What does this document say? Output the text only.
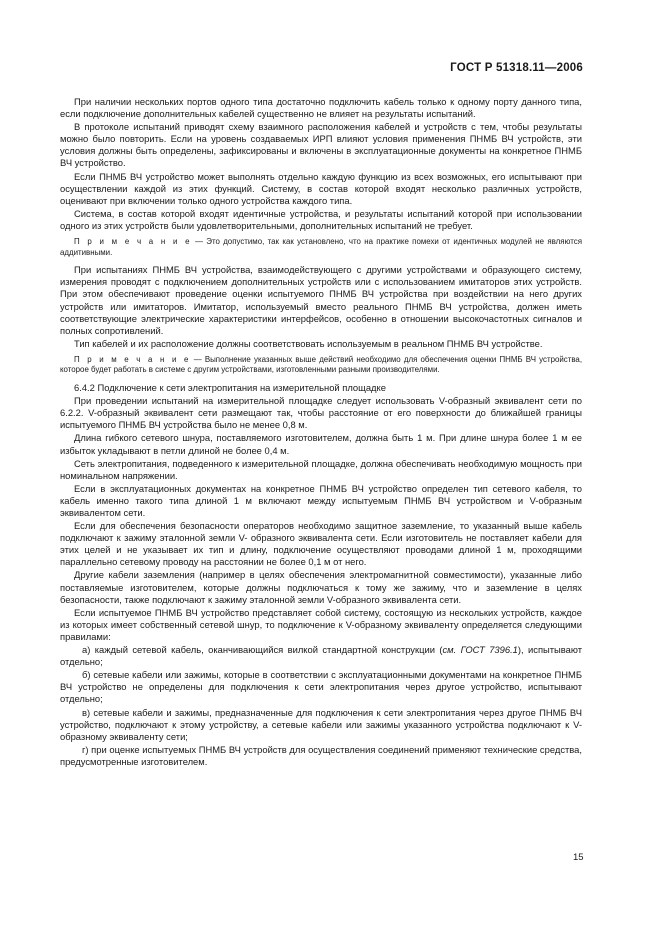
ГОСТ Р 51318.11—2006

При наличии нескольких портов одного типа достаточно подключить кабель только к одному порту данного типа, если подключение дополнительных кабелей существенно не влияет на результаты испытаний.

В протоколе испытаний приводят схему взаимного расположения кабелей и устройств с тем, чтобы результаты можно было повторить. Если на уровень создаваемых ИРП влияют условия применения ПНМБ ВЧ устройств, эти условия должны быть определены, зафиксированы и включены в эксплуатационные документы на конкретное ПНМБ ВЧ устройство.

Если ПНМБ ВЧ устройство может выполнять отдельно каждую функцию из всех возможных, его испытывают при осуществлении каждой из этих функций. Систему, в состав которой входят несколько различных устройств, оценивают при включении только одного устройства каждого типа.

Система, в состав которой входят идентичные устройства, и результаты испытаний которой при использовании одного из этих устройств были удовлетворительными, дополнительных испытаний не требует.

П р и м е ч а н и е — Это допустимо, так как установлено, что на практике помехи от идентичных модулей не являются аддитивными.

При испытаниях ПНМБ ВЧ устройства, взаимодействующего с другими устройствами и образующего систему, измерения проводят с подключением дополнительных устройств или с использованием имитаторов этих устройств. При этом обеспечивают проведение оценки испытуемого ПНМБ ВЧ устройства при воздействии на него других устройств или имитаторов. Имитатор, используемый вместо реального ПНМБ ВЧ устройства, должен иметь соответствующие электрические характеристики интерфейсов, особенно в отношении высокочастотных сигналов и полных сопротивлений.

Тип кабелей и их расположение должны соответствовать используемым в реальном ПНМБ ВЧ устройстве.

П р и м е ч а н и е — Выполнение указанных выше действий необходимо для обеспечения оценки ПНМБ ВЧ устройства, которое будет работать в системе с другим устройствами, изготовленными разными производителями.

6.4.2 Подключение к сети электропитания на измерительной площадке

При проведении испытаний на измерительной площадке следует использовать V-образный эквивалент сети по 6.2.2. V-образный эквивалент сети размещают так, чтобы расстояние от его поверхности до ближайшей границы испытуемого ПНМБ ВЧ устройства было не менее 0,8 м.

Длина гибкого сетевого шнура, поставляемого изготовителем, должна быть 1 м. При длине шнура более 1 м ее избыток укладывают в петли длиной не более 0,4 м.

Сеть электропитания, подведенного к измерительной площадке, должна обеспечивать необходимую мощность при номинальном напряжении.

Если в эксплуатационных документах на конкретное ПНМБ ВЧ устройство определен тип сетевого кабеля, то кабель именно такого типа длиной 1 м включают между испытуемым ПНМБ ВЧ устройством и V-образным эквивалентом сети.

Если для обеспечения безопасности операторов необходимо защитное заземление, то указанный выше кабель подключают к зажиму эталонной земли V- образного эквивалента сети. Если изготовитель не поставляет кабели для этих целей и не указывает их тип и длину, подключение осуществляют проводами длиной 1 м, проходящими параллельно сетевому проводу на расстоянии не более 0,1 м от него.

Другие кабели заземления (например в целях обеспечения электромагнитной совместимости), указанные либо поставляемые изготовителем, которые должны подключаться к тому же зажиму, что и заземление в целях безопасности, также подключают к зажиму эталонной земли V-образного эквивалента сети.

Если испытуемое ПНМБ ВЧ устройство представляет собой систему, состоящую из нескольких устройств, каждое из которых имеет собственный сетевой шнур, то подключение к V-образному эквиваленту определяется следующими правилами:

а) каждый сетевой кабель, оканчивающийся вилкой стандартной конструкции (см. ГОСТ 7396.1), испытывают отдельно;

б) сетевые кабели или зажимы, которые в соответствии с эксплуатационными документами на конкретное ПНМБ ВЧ устройство не определены для подключения к сети электропитания через другое устройство, испытывают отдельно;

в) сетевые кабели и зажимы, предназначенные для подключения к сети электропитания через другое ПНМБ ВЧ устройство, подключают к этому устройству, а сетевые кабели или зажимы указанного устройства подключают к V-образному эквиваленту сети;

г) при оценке испытуемых ПНМБ ВЧ устройств для осуществления соединений применяют технические средства, предусмотренные изготовителем.

15
